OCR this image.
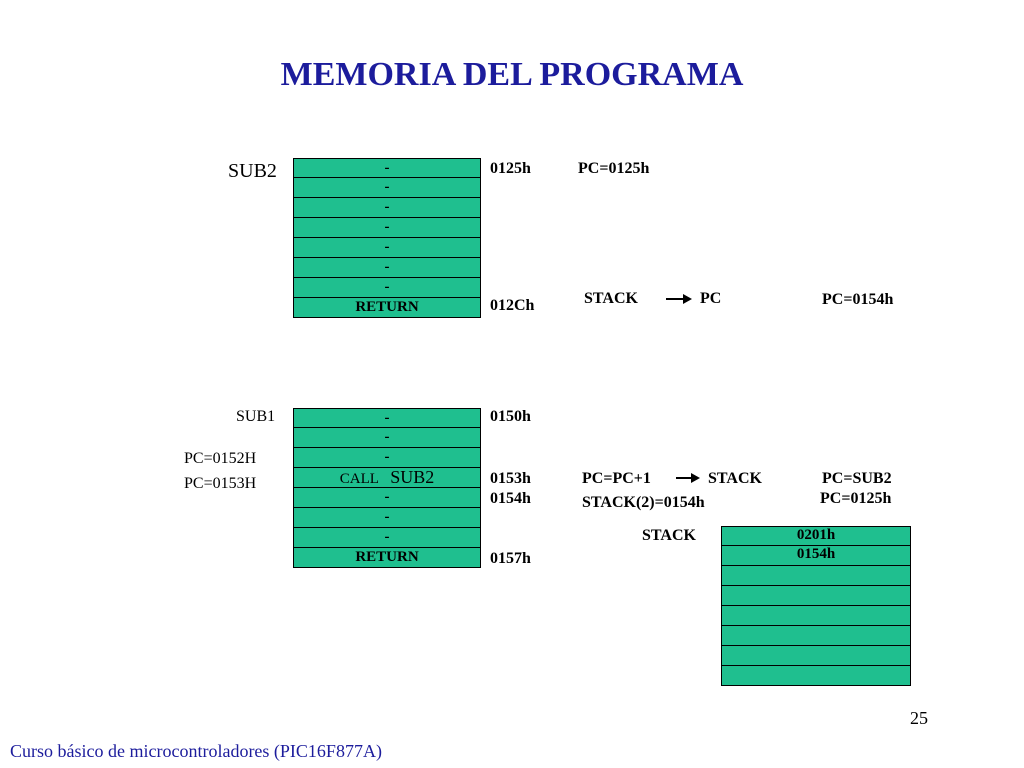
MEMORIA DEL PROGRAMA
SUB2	-
-
-
-
-
-
-
RETURN
0125h
012Ch
PC=0125h
STACK	PC	PC=0154h
SUB1
PC=0152H
PC=0153H
-
-
-
CALL SUB2
-
-
-
RETURN
0150h
0153h
0154h
0157h
PC=PC+1	STACK	PC=SUB2
STACK(2)=0154h	PC=0125h
STACK	0201h
0154h
25
Curso básico de microcontroladores (PIC16F877A)
